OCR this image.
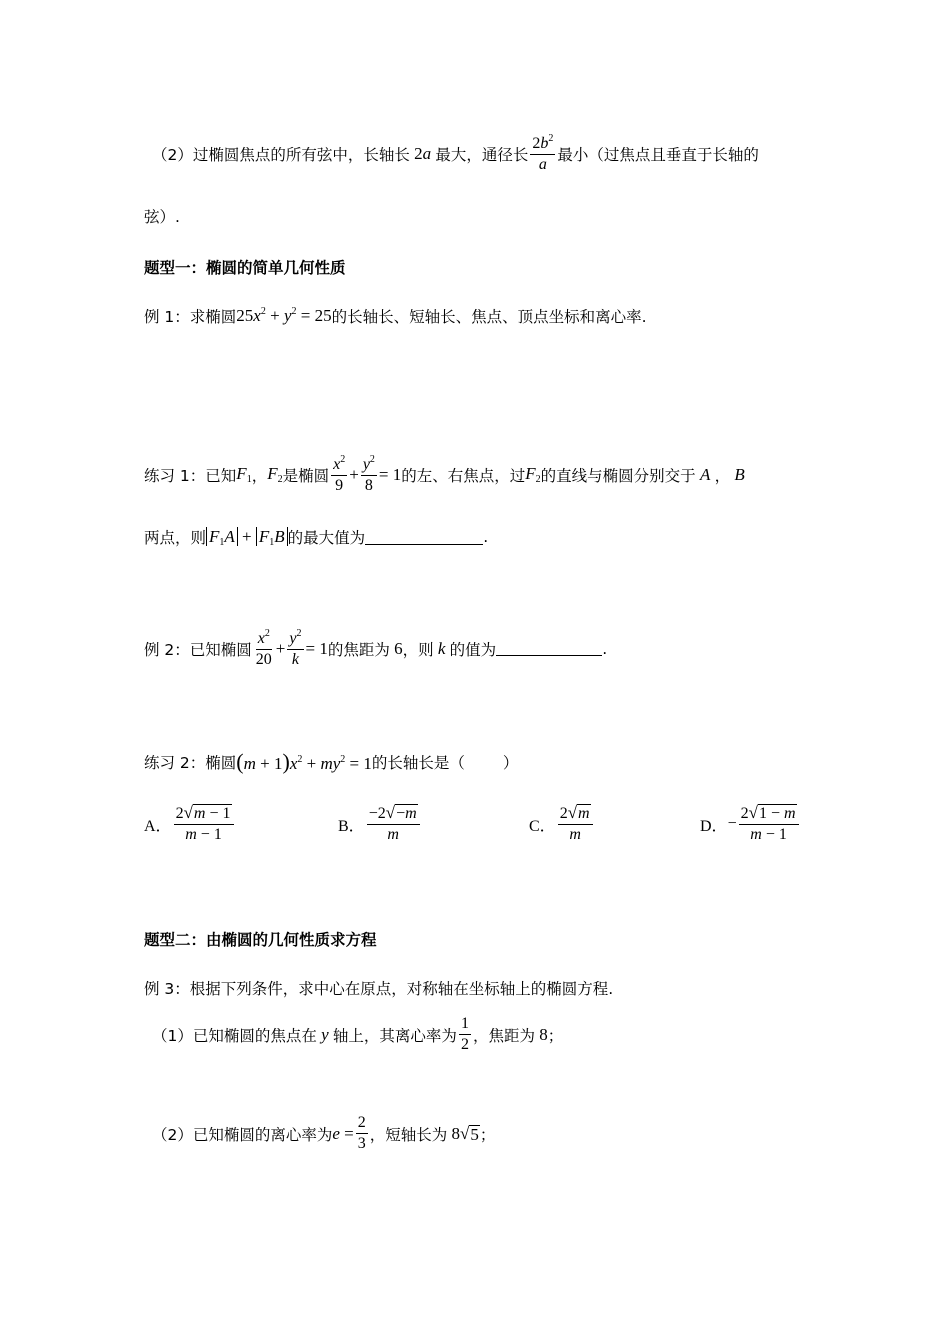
（2）过椭圆焦点的所有弦中，长轴长 2a 最大，通径长 $\frac{2b^2}{a}$ 最小（过焦点且垂直于长轴的
弦）.
题型一：椭圆的简单几何性质
例 1：求椭圆 $25x^2 + y^2 = 25$ 的长轴长、短轴长、焦点、顶点坐标和离心率.
练习 1：已知 $F_1$ ， $F_2$ 是椭圆 $\frac{x^2}{9} + \frac{y^2}{8} = 1$ 的左、右焦点，过 $F_2$ 的直线与椭圆分别交于 A ， B
两点，则 $F_1A + F_1B$ 的最大值为	.
例 2：已知椭圆 $\frac{x^2}{20} + \frac{y^2}{k} = 1$ 的焦距为 6 ，则 k 的值为	.
练习 2：椭圆 $(m + 1)x^2 + my^2 = 1$ 的长轴长是（ ）
A． $\frac{2 √ m - 1}{m - 1}$	B． $\frac{-2 √ -m}{m}$	C． $\frac{2 √ m}{m}$	D． − $\frac{2 √ 1 - m}{m - 1}$
题型二：由椭圆的几何性质求方程
例 3：根据下列条件，求中心在原点，对称轴在坐标轴上的椭圆方程.
（1）已知椭圆的焦点在 y 轴上，其离心率为 $\frac{1}{2}$ ，焦距为 8 ；
（2）已知椭圆的离心率为 $e = \frac{2}{3}$ ，短轴长为 8 √ 5 ；
